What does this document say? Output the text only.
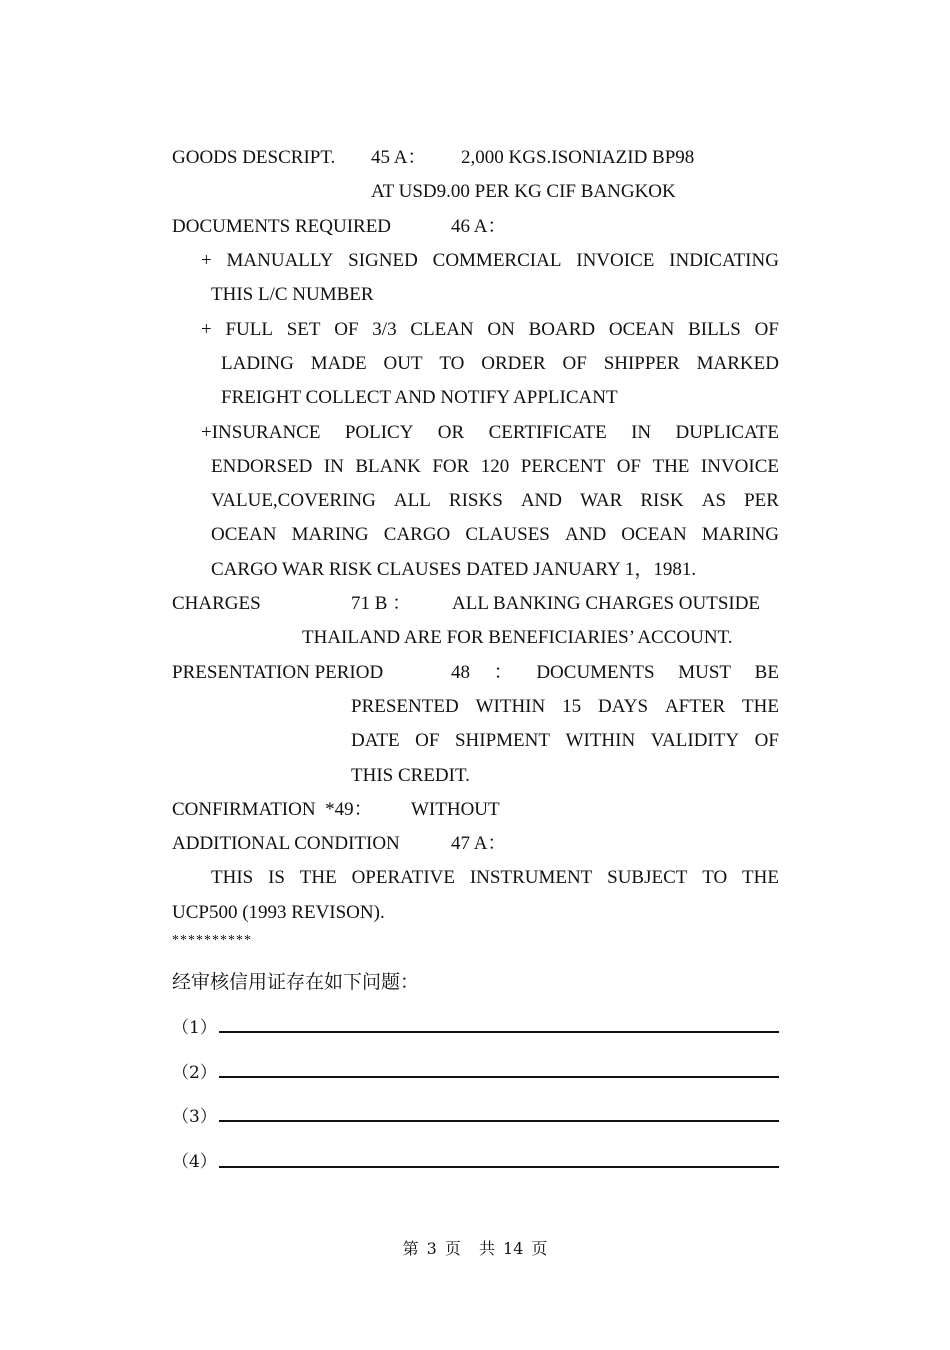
GOODS DESCRIPT. 45 A： 2,000 KGS.ISONIAZID BP98
AT USD9.00 PER KG CIF BANGKOK
DOCUMENTS REQUIRED	46 A：
+ MANUALLY SIGNED COMMERCIAL INVOICE INDICATING
THIS L/C NUMBER
+ FULL SET OF 3/3 CLEAN ON BOARD OCEAN BILLS OF
LADING MADE OUT TO ORDER OF SHIPPER MARKED
FREIGHT COLLECT AND NOTIFY APPLICANT
+INSURANCE POLICY OR CERTIFICATE IN DUPLICATE
ENDORSED IN BLANK FOR 120 PERCENT OF THE INVOICE
VALUE,COVERING ALL RISKS AND WAR RISK AS PER
OCEAN MARING CARGO CLAUSES AND OCEAN MARING
CARGO WAR RISK CLAUSES DATED JANUARY 1，1981.
CHARGES	71 B ： ALL BANKING CHARGES OUTSIDE
THAILAND ARE FOR BENEFICIARIES’ ACCOUNT.
PRESENTATION PERIOD	48 ： DOCUMENTS MUST BE
PRESENTED WITHIN 15 DAYS AFTER THE
DATE OF SHIPMENT WITHIN VALIDITY OF
THIS CREDIT.
CONFIRMATION  *49： WITHOUT
ADDITIONAL CONDITION	47 A：
THIS IS THE OPERATIVE INSTRUMENT SUBJECT TO THE
UCP500 (1993 REVISON).
**********
经审核信用证存在如下问题：
（1）
（2）
（3）
（4）
第 3 页 共 14 页
